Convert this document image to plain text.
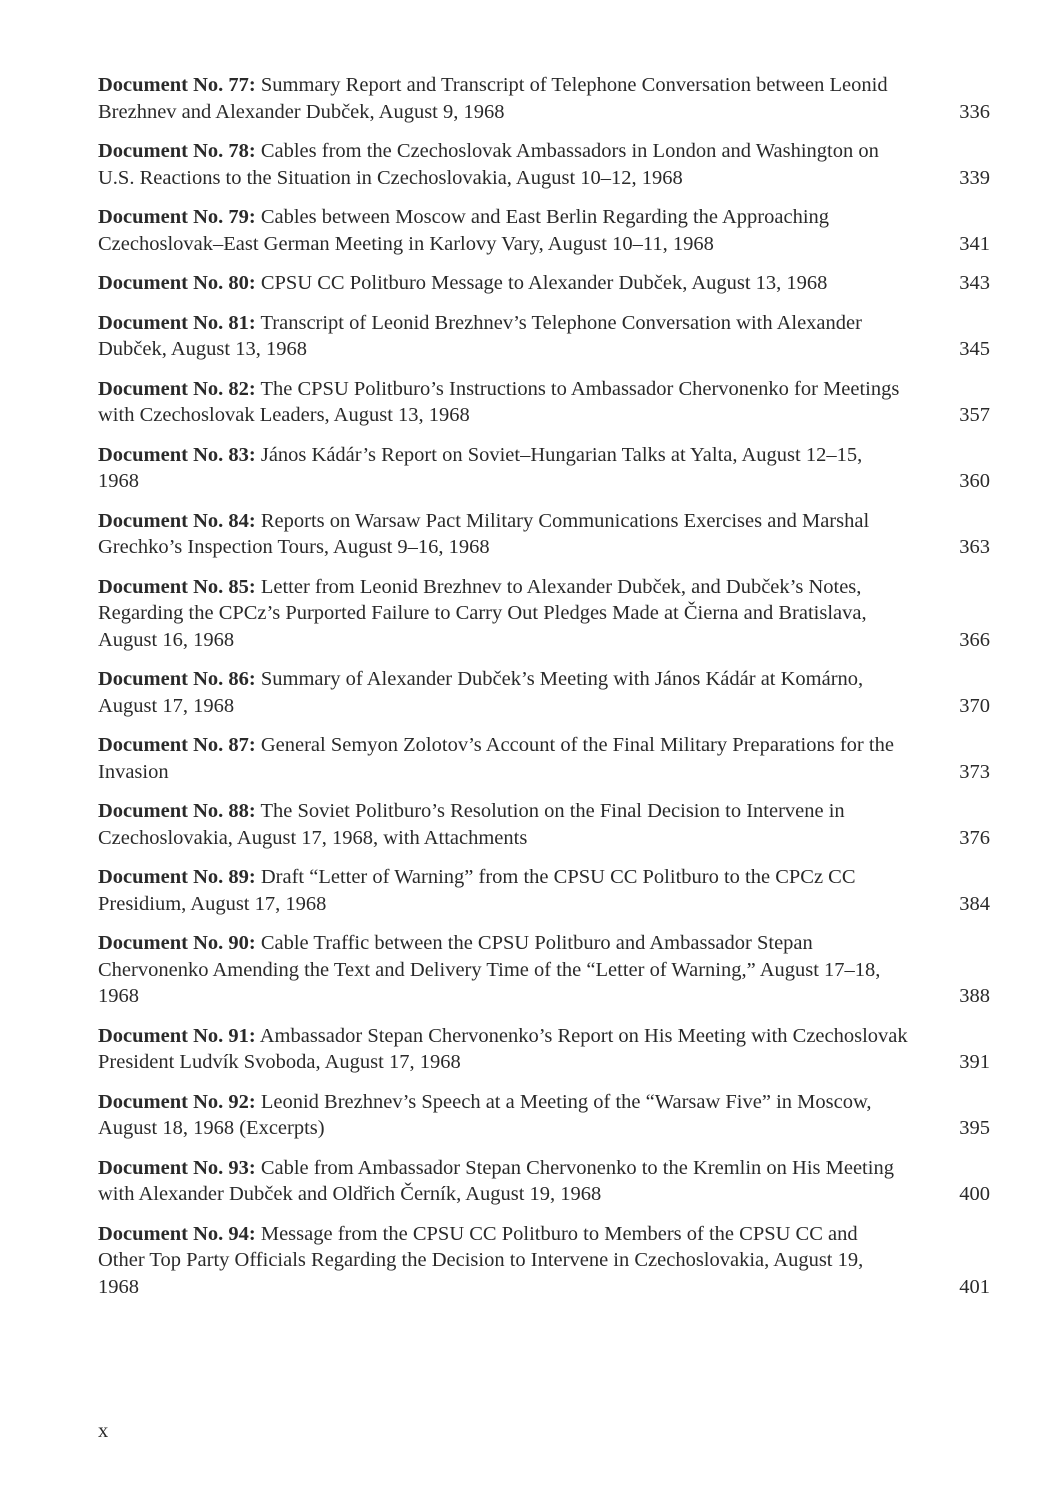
Document No. 77: Summary Report and Transcript of Telephone Conversation between Leonid Brezhnev and Alexander Dubček, August 9, 1968	336
Document No. 78: Cables from the Czechoslovak Ambassadors in London and Washington on U.S. Reactions to the Situation in Czechoslovakia, August 10–12, 1968	339
Document No. 79: Cables between Moscow and East Berlin Regarding the Approaching Czechoslovak–East German Meeting in Karlovy Vary, August 10–11, 1968	341
Document No. 80: CPSU CC Politburo Message to Alexander Dubček, August 13, 1968	343
Document No. 81: Transcript of Leonid Brezhnev’s Telephone Conversation with Alexander Dubček, August 13, 1968	345
Document No. 82: The CPSU Politburo’s Instructions to Ambassador Chervonenko for Meetings with Czechoslovak Leaders, August 13, 1968	357
Document No. 83: János Kádár’s Report on Soviet–Hungarian Talks at Yalta, August 12–15, 1968	360
Document No. 84: Reports on Warsaw Pact Military Communications Exercises and Marshal Grechko’s Inspection Tours, August 9–16, 1968	363
Document No. 85: Letter from Leonid Brezhnev to Alexander Dubček, and Dubček’s Notes, Regarding the CPCz’s Purported Failure to Carry Out Pledges Made at Čierna and Bratislava, August 16, 1968	366
Document No. 86: Summary of Alexander Dubček’s Meeting with János Kádár at Komárno, August 17, 1968	370
Document No. 87: General Semyon Zolotov’s Account of the Final Military Preparations for the Invasion	373
Document No. 88: The Soviet Politburo’s Resolution on the Final Decision to Intervene in Czechoslovakia, August 17, 1968, with Attachments	376
Document No. 89: Draft “Letter of Warning” from the CPSU CC Politburo to the CPCz CC Presidium, August 17, 1968	384
Document No. 90: Cable Traffic between the CPSU Politburo and Ambassador Stepan Chervonenko Amending the Text and Delivery Time of the “Letter of Warning,” August 17–18, 1968	388
Document No. 91: Ambassador Stepan Chervonenko’s Report on His Meeting with Czechoslovak President Ludvík Svoboda, August 17, 1968	391
Document No. 92: Leonid Brezhnev’s Speech at a Meeting of the “Warsaw Five” in Moscow, August 18, 1968 (Excerpts)	395
Document No. 93: Cable from Ambassador Stepan Chervonenko to the Kremlin on His Meeting with Alexander Dubček and Oldřich Černík, August 19, 1968	400
Document No. 94: Message from the CPSU CC Politburo to Members of the CPSU CC and Other Top Party Officials Regarding the Decision to Intervene in Czechoslovakia, August 19, 1968	401
x
